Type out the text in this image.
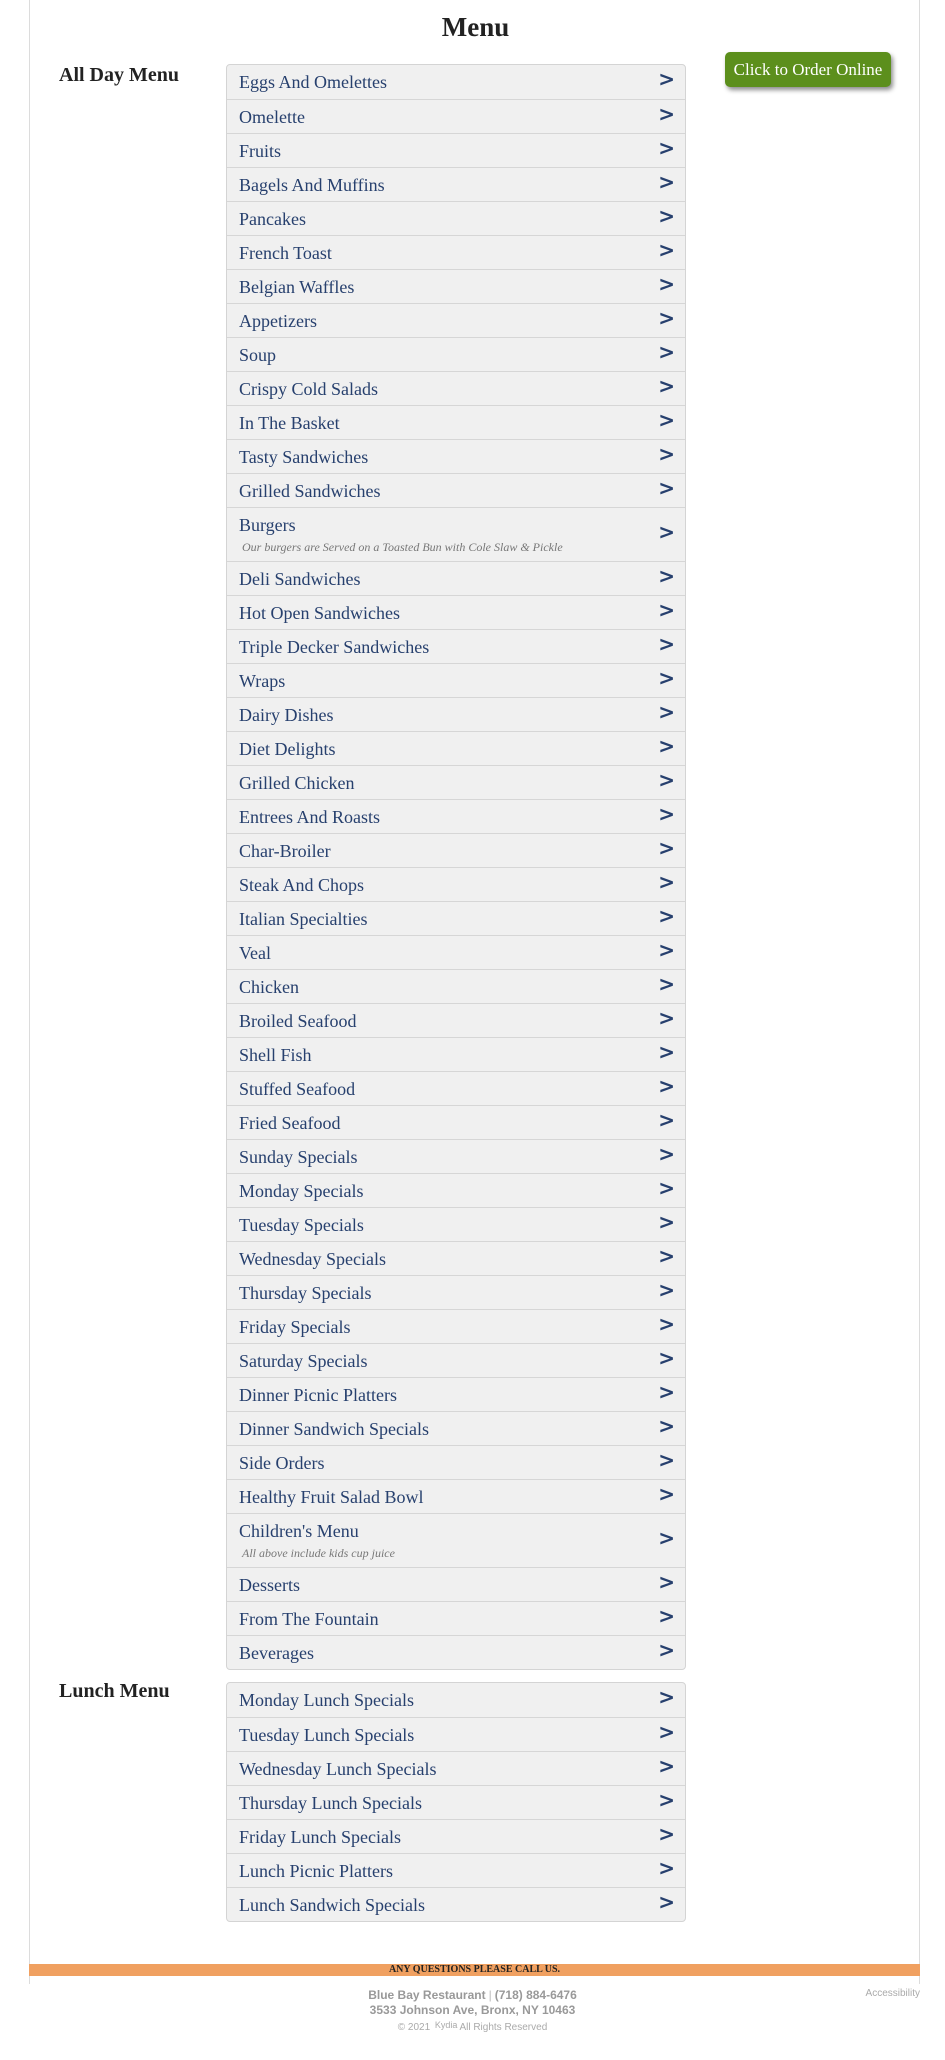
Menu
Click to Order Online
All Day Menu	Eggs And Omelettes	>
Omelette	>
Fruits	>
Bagels And Muffins	>
Pancakes	>
French Toast	>
Belgian Waffles	>
Appetizers	>
Soup	>
Crispy Cold Salads	>
In The Basket	>
Tasty Sandwiches	>
Grilled Sandwiches	>
Burgers
Our burgers are Served on a Toasted Bun with Cole Slaw & Pickle
>
Deli Sandwiches	>
Hot Open Sandwiches	>
Triple Decker Sandwiches	>
Wraps	>
Dairy Dishes	>
Diet Delights	>
Grilled Chicken	>
Entrees And Roasts	>
Char-Broiler	>
Steak And Chops	>
Italian Specialties	>
Veal	>
Chicken	>
Broiled Seafood	>
Shell Fish	>
Stuffed Seafood	>
Fried Seafood	>
Sunday Specials	>
Monday Specials	>
Tuesday Specials	>
Wednesday Specials	>
Thursday Specials	>
Friday Specials	>
Saturday Specials	>
Dinner Picnic Platters	>
Dinner Sandwich Specials	>
Side Orders	>
Healthy Fruit Salad Bowl	>
Children's Menu
All above include kids cup juice
>
Desserts	>
From The Fountain	>
Beverages	>
Lunch Menu	Monday Lunch Specials	>
Tuesday Lunch Specials	>
Wednesday Lunch Specials	>
Thursday Lunch Specials	>
Friday Lunch Specials	>
Lunch Picnic Platters	>
Lunch Sandwich Specials	>
ANY QUESTIONS PLEASE CALL US.
Blue Bay Restaurant | (718) 884-6476
3533 Johnson Ave, Bronx, NY 10463
© 2021 Kydia All Rights Reserved
Accessibility
